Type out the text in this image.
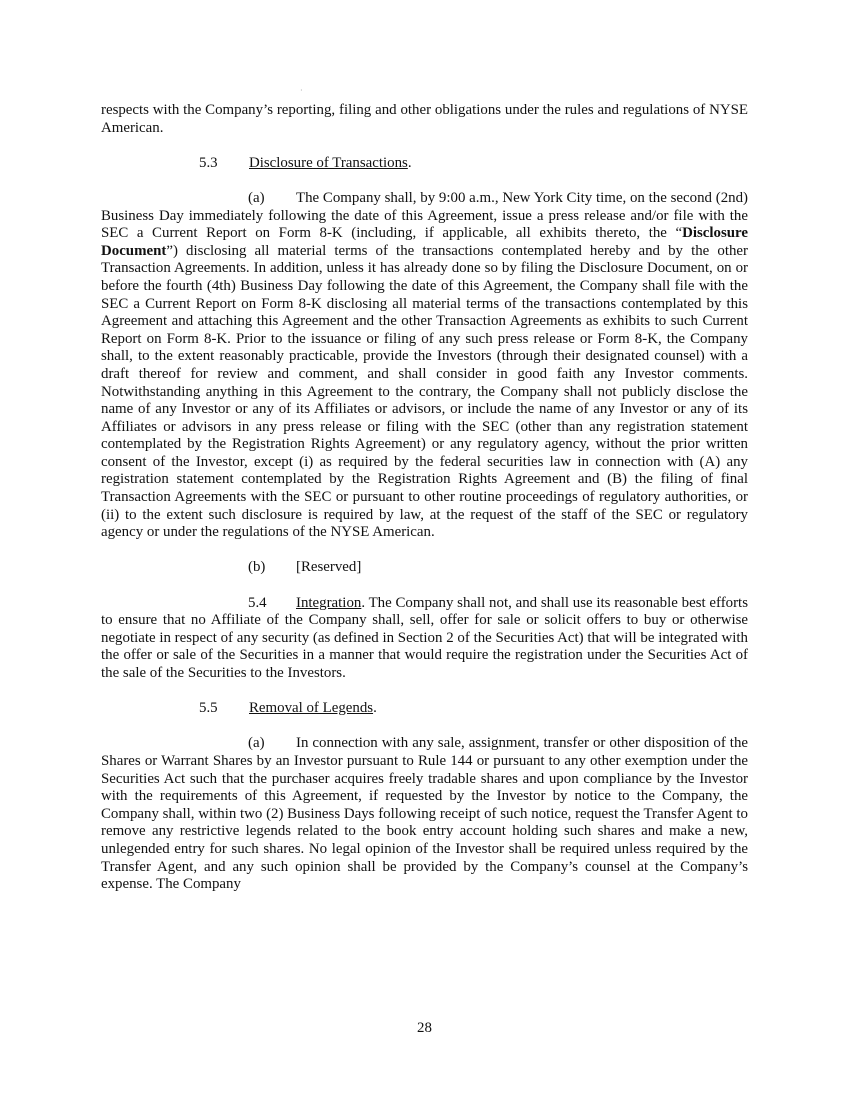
·

respects with the Company’s reporting, filing and other obligations under the rules and regulations of NYSE American.

5.3 Disclosure of Transactions.

(a) The Company shall, by 9:00 a.m., New York City time, on the second (2nd) Business Day immediately following the date of this Agreement, issue a press release and/or file with the SEC a Current Report on Form 8-K (including, if applicable, all exhibits thereto, the “Disclosure Document”) disclosing all material terms of the transactions contemplated hereby and by the other Transaction Agreements. In addition, unless it has already done so by filing the Disclosure Document, on or before the fourth (4th) Business Day following the date of this Agreement, the Company shall file with the SEC a Current Report on Form 8-K disclosing all material terms of the transactions contemplated by this Agreement and attaching this Agreement and the other Transaction Agreements as exhibits to such Current Report on Form 8-K. Prior to the issuance or filing of any such press release or Form 8-K, the Company shall, to the extent reasonably practicable, provide the Investors (through their designated counsel) with a draft thereof for review and comment, and shall consider in good faith any Investor comments. Notwithstanding anything in this Agreement to the contrary, the Company shall not publicly disclose the name of any Investor or any of its Affiliates or advisors, or include the name of any Investor or any of its Affiliates or advisors in any press release or filing with the SEC (other than any registration statement contemplated by the Registration Rights Agreement) or any regulatory agency, without the prior written consent of the Investor, except (i) as required by the federal securities law in connection with (A) any registration statement contemplated by the Registration Rights Agreement and (B) the filing of final Transaction Agreements with the SEC or pursuant to other routine proceedings of regulatory authorities, or (ii) to the extent such disclosure is required by law, at the request of the staff of the SEC or regulatory agency or under the regulations of the NYSE American.

(b) [Reserved]

5.4 Integration. The Company shall not, and shall use its reasonable best efforts to ensure that no Affiliate of the Company shall, sell, offer for sale or solicit offers to buy or otherwise negotiate in respect of any security (as defined in Section 2 of the Securities Act) that will be integrated with the offer or sale of the Securities in a manner that would require the registration under the Securities Act of the sale of the Securities to the Investors.

5.5 Removal of Legends.

(a) In connection with any sale, assignment, transfer or other disposition of the Shares or Warrant Shares by an Investor pursuant to Rule 144 or pursuant to any other exemption under the Securities Act such that the purchaser acquires freely tradable shares and upon compliance by the Investor with the requirements of this Agreement, if requested by the Investor by notice to the Company, the Company shall, within two (2) Business Days following receipt of such notice, request the Transfer Agent to remove any restrictive legends related to the book entry account holding such shares and make a new, unlegended entry for such shares. No legal opinion of the Investor shall be required unless required by the Transfer Agent, and any such opinion shall be provided by the Company’s counsel at the Company’s expense. The Company

28
